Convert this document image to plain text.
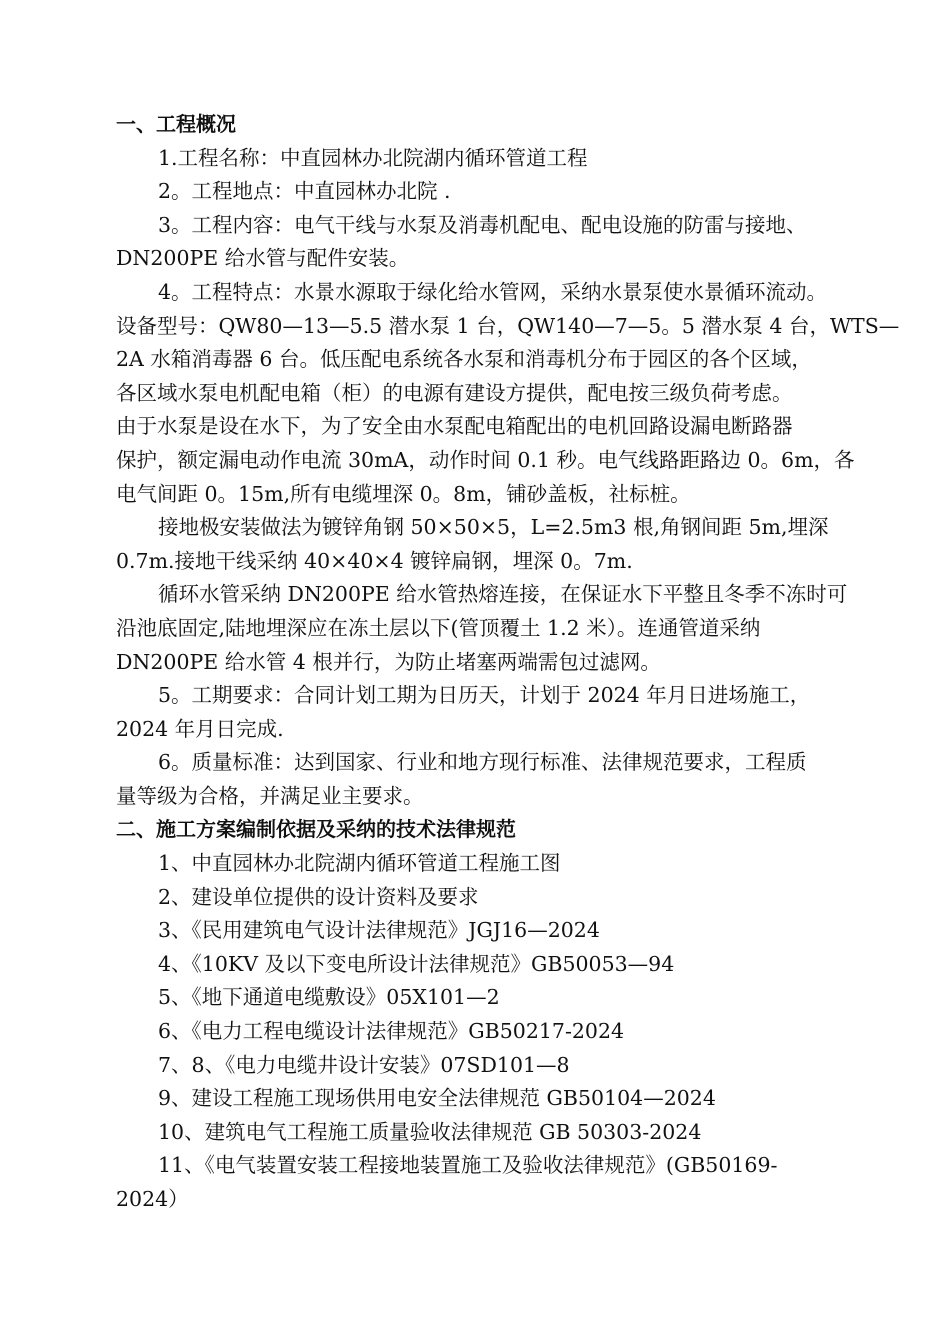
一、工程概况
1.工程名称：中直园林办北院湖内循环管道工程
2。工程地点：中直园林办北院 .
3。工程内容：电气干线与水泵及消毒机配电、配电设施的防雷与接地、
DN200PE 给水管与配件安装。
4。工程特点：水景水源取于绿化给水管网，采纳水景泵使水景循环流动。
设备型号：QW80—13—5.5 潜水泵 1 台，QW140—7—5。5 潜水泵 4 台，WTS—
2A 水箱消毒器 6 台。低压配电系统各水泵和消毒机分布于园区的各个区域，
各区域水泵电机配电箱（柜）的电源有建设方提供，配电按三级负荷考虑。
由于水泵是设在水下，为了安全由水泵配电箱配出的电机回路设漏电断路器
保护，额定漏电动作电流 30mA，动作时间 0.1 秒。电气线路距路边 0。6m，各
电气间距 0。15m,所有电缆埋深 0。8m，铺砂盖板，社标桩。
接地极安装做法为镀锌角钢 50×50×5，L=2.5m3 根,角钢间距 5m,埋深
0.7m.接地干线采纳 40×40×4 镀锌扁钢，埋深 0。7m.
循环水管采纳 DN200PE 给水管热熔连接，在保证水下平整且冬季不冻时可
沿池底固定,陆地埋深应在冻土层以下(管顶覆土 1.2 米）。连通管道采纳
DN200PE 给水管 4 根并行，为防止堵塞两端需包过滤网。
5。工期要求：合同计划工期为日历天，计划于 2024 年月日进场施工，
2024 年月日完成.
6。质量标准：达到国家、行业和地方现行标准、法律规范要求，工程质
量等级为合格，并满足业主要求。
二、施工方案编制依据及采纳的技术法律规范
1、中直园林办北院湖内循环管道工程施工图
2、建设单位提供的设计资料及要求
3、《民用建筑电气设计法律规范》JGJ16—2024
4、《10KV 及以下变电所设计法律规范》GB50053—94
5、《地下通道电缆敷设》05X101—2
6、《电力工程电缆设计法律规范》GB50217-2024
7、8、《电力电缆井设计安装》07SD101—8
9、建设工程施工现场供用电安全法律规范 GB50104—2024
10、建筑电气工程施工质量验收法律规范 GB 50303-2024
11、《电气装置安装工程接地装置施工及验收法律规范》(GB50169-
2024）
